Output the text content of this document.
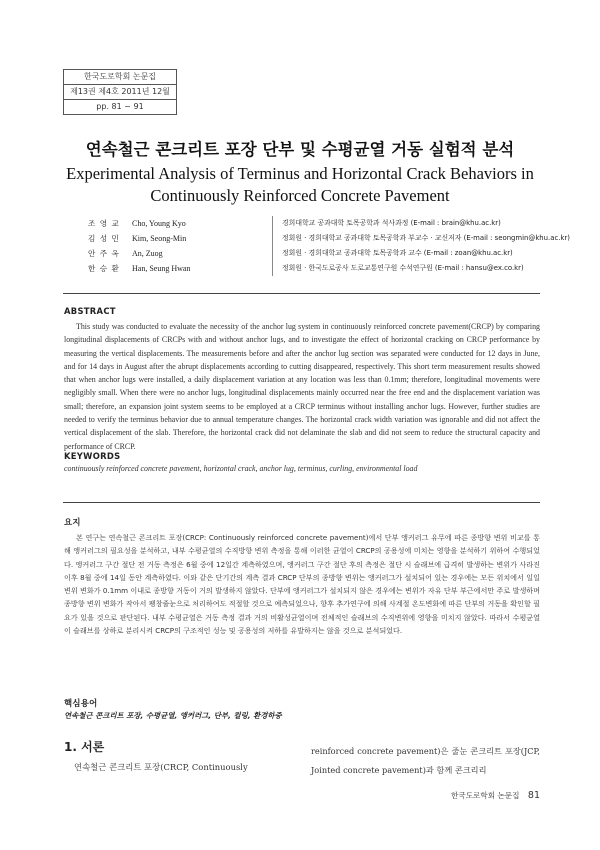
한국도로학회 논문집
제13권 제4호 2011년 12월
pp. 81 ~ 91
연속철근 콘크리트 포장 단부 및 수평균열 거동 실험적 분석
Experimental Analysis of Terminus and Horizontal Crack Behaviors in
Continuously Reinforced Concrete Pavement
조 영 교	Cho, Young Kyo	경희대학교 공과대학 토목공학과 석사과정 (E-mail : brain@khu.ac.kr)
김 성 민	Kim, Seong-Min	정회원 · 경희대학교 공과대학 토목공학과 부교수 · 교신저자 (E-mail : seongmin@khu.ac.kr)
안 주 옥	An, Zuog	정회원 · 경희대학교 공과대학 토목공학과 교수 (E-mail : zoan@khu.ac.kr)
한 승 환	Han, Seung Hwan	정회원 · 한국도로공사 도로교통연구원 수석연구원 (E-mail : hansu@ex.co.kr)
ABSTRACT
This study was conducted to evaluate the necessity of the anchor lug system in continuously reinforced concrete pavement(CRCP) by comparing longitudinal displacements of CRCPs with and without anchor lugs, and to investigate the effect of horizontal cracking on CRCP performance by measuring the vertical displacements. The measurements before and after the anchor lug section was separated were conducted for 12 days in June, and for 14 days in August after the abrupt displacements according to cutting disappeared, respectively. This short term measurement results showed that when anchor lugs were installed, a daily displacement variation at any location was less than 0.1mm; therefore, longitudinal movements were negligibly small. When there were no anchor lugs, longitudinal displacements mainly occurred near the free end and the displacement variation was small; therefore, an expansion joint system seems to be employed at a CRCP terminus without installing anchor lugs. However, further studies are needed to verify the terminus behavior due to annual temperature changes. The horizontal crack width variation was ignorable and did not affect the vertical displacement of the slab. Therefore, the horizontal crack did not delaminate the slab and did not seem to reduce the structural capacity and performance of CRCP.
KEYWORDS
continuously reinforced concrete pavement, horizontal crack, anchor lug, terminus, curling, environmental load
요지
본 연구는 연속철근 콘크리트 포장(CRCP: Continuously reinforced concrete pavement)에서 단부 앵커러그 유무에 따른 종방향 변위 비교를 통해 앵커러그의 필요성을 분석하고, 내부 수평균열의 수직방향 변위 측정을 통해 이러한 균열이 CRCP의 공용성에 미치는 영향을 분석하기 위하여 수행되었다. 앵커러그 구간 절단 전 거동 측정은 6월 중에 12일간 계측하였으며, 앵커러그 구간 절단 후의 측정은 절단 시 슬래브에 급격히 발생하는 변위가 사라진 이후 8월 중에 14일 동안 계측하였다. 이와 같은 단기간의 계측 결과 CRCP 단부의 종방향 변위는 앵커러그가 설치되어 있는 경우에는 모든 위치에서 일일 변위 변화가 0.1mm 이내로 종방향 거동이 거의 발생하지 않았다. 단부에 앵커러그가 설치되지 않은 경우에는 변위가 자유 단부 부근에서만 주로 발생하며 종방향 변위 변화가 작아서 팽창줄눈으로 처리하여도 적절할 것으로 예측되었으나, 향후 추가연구에 의해 사계절 온도변화에 따른 단부의 거동을 확인할 필요가 있을 것으로 판단된다. 내부 수평균열은 거동 측정 결과 거의 비활성균열이며 전체적인 슬래브의 수직변위에 영향을 미치지 않았다. 따라서 수평균열이 슬래브를 상하로 분리시켜 CRCP의 구조적인 성능 및 공용성의 저하를 유발하지는 않을 것으로 분석되었다.
핵심용어
연속철근 콘크리트 포장, 수평균열, 앵커러그, 단부, 컬링, 환경하중
1. 서론
연속철근 콘크리트 포장(CRCP, Continuously
reinforced concrete pavement)은 줄눈 콘크리트 포장(JCP, Jointed concrete pavement)과 함께 콘크리리
한국도로학회 논문집 81
